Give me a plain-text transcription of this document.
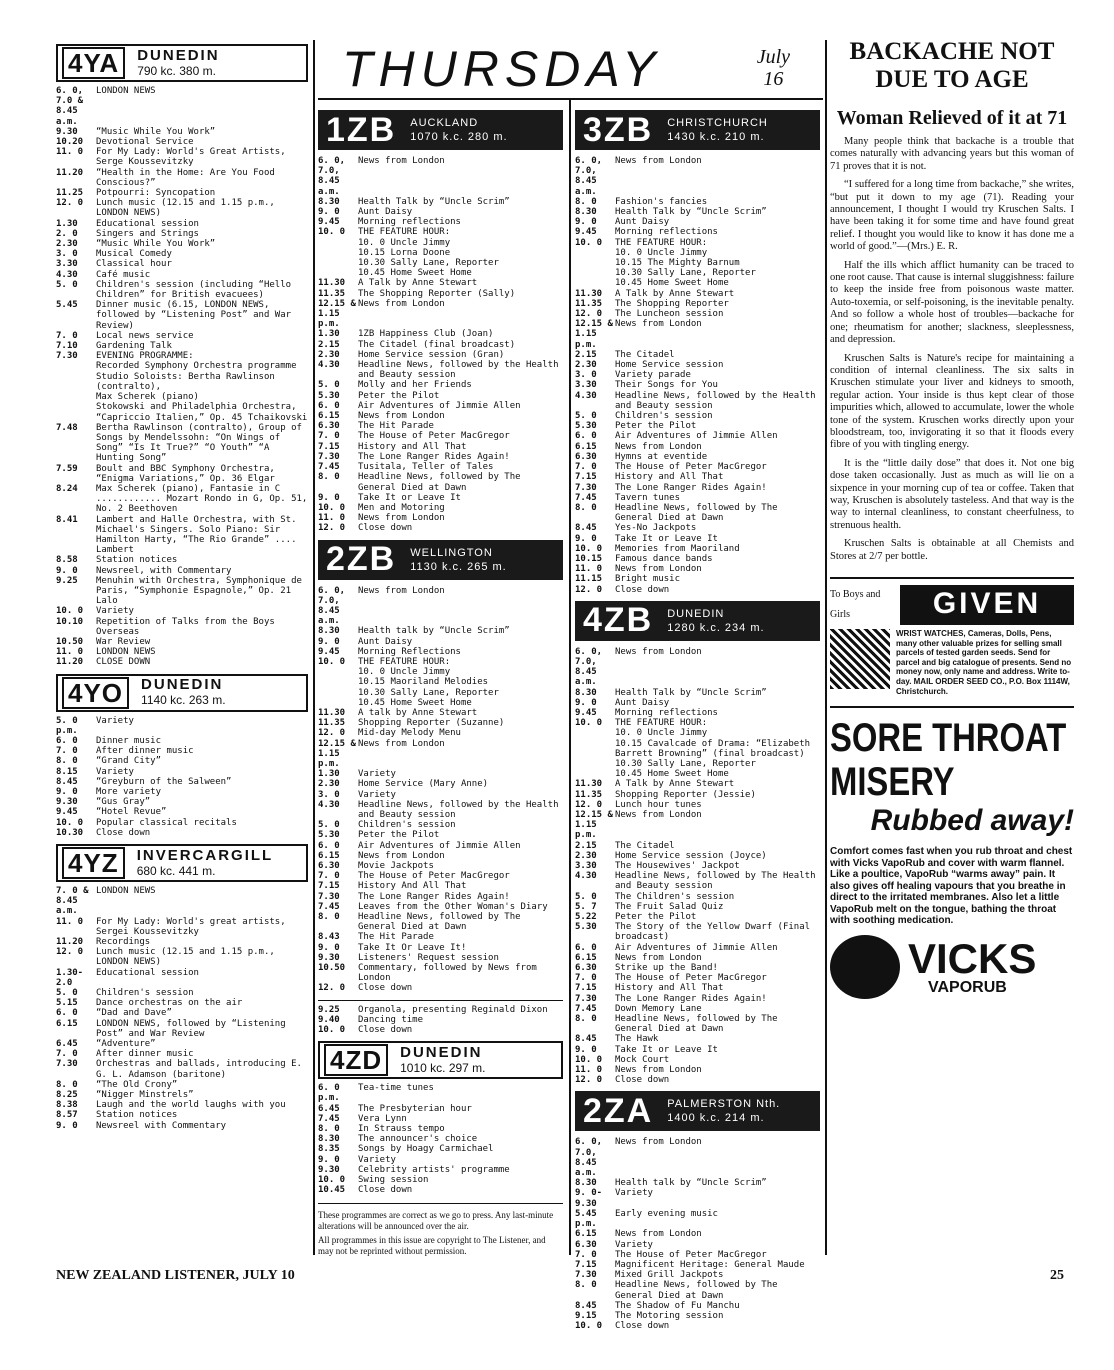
THURSDAY	July
16
4YA	DUNEDIN
790 kc. 380 m.
6. 0, 7.0 & 8.45 a.m.
LONDON NEWS
9.30	“Music While You Work”
10.20	Devotional Service
11. 0	For My Lady: World's Great Artists, Serge Koussevitzky
11.20	“Health in the Home: Are You Food Conscious?”
11.25	Potpourri: Syncopation
12. 0	Lunch music (12.15 and 1.15 p.m., LONDON NEWS)
1.30	Educational session
2. 0	Singers and Strings
2.30	“Music While You Work”
3. 0	Musical Comedy
3.30	Classical hour
4.30	Café music
5. 0	Children's session (including “Hello Children” for British evacuees)
5.45	Dinner music (6.15, LONDON NEWS, followed by “Listening Post” and War Review)
7. 0	Local news service
7.10	Gardening Talk
7.30	EVENING PROGRAMME:
Recorded Symphony Orchestra programme
Studio Soloists: Bertha Rawlinson (contralto),
Max Scherek (piano)
Stokowski and Philadelphia Orchestra, “Capriccio Italien,” Op. 45 Tchaikovski
7.48	Bertha Rawlinson (contralto), Group of Songs by Mendelssohn: “On Wings of Song” “Is It True?” “O Youth” “A Hunting Song”
7.59	Boult and BBC Symphony Orchestra, “Enigma Variations,” Op. 36 Elgar
8.24	Max Scherek (piano), Fantasie in C ............ Mozart Rondo in G, Op. 51, No. 2 Beethoven
8.41	Lambert and Halle Orchestra, with St. Michael's Singers. Solo Piano: Sir Hamilton Harty, “The Rio Grande” .... Lambert
8.58	Station notices
9. 0	Newsreel, with Commentary
9.25	Menuhin with Orchestra, Symphonique de Paris, “Symphonie Espagnole,” Op. 21 Lalo
10. 0	Variety
10.10	Repetition of Talks from the Boys Overseas
10.50	War Review
11. 0	LONDON NEWS
11.20	CLOSE DOWN
4YO	DUNEDIN
1140 kc. 263 m.
5. 0 p.m.
Variety
6. 0	Dinner music
7. 0	After dinner music
8. 0	“Grand City”
8.15	Variety
8.45	“Greyburn of the Salween”
9. 0	More variety
9.30	“Gus Gray”
9.45	“Hotel Revue”
10. 0	Popular classical recitals
10.30	Close down
4YZ	INVERCARGILL
680 kc. 441 m.
7. 0 & 8.45 a.m.
LONDON NEWS
11. 0	For My Lady: World's great artists, Sergei Koussevitzky
11.20	Recordings
12. 0	Lunch music (12.15 and 1.15 p.m., LONDON NEWS)
1.30-2.0
Educational session
5. 0	Children's session
5.15	Dance orchestras on the air
6. 0	“Dad and Dave”
6.15	LONDON NEWS, followed by “Listening Post” and War Review
6.45	“Adventure”
7. 0	After dinner music
7.30	Orchestras and ballads, introducing E. G. L. Adamson (baritone)
8. 0	“The Old Crony”
8.25	“Nigger Minstrels”
8.38	Laugh and the world laughs with you
8.57	Station notices
9. 0	Newsreel with Commentary
1ZB AUCKLAND
1070 k.c. 280 m.
6. 0, 7.0, 8.45 a.m.
News from London
8.30	Health Talk by “Uncle Scrim”
9. 0	Aunt Daisy
9.45	Morning reflections
10. 0	THE FEATURE HOUR:
10. 0 Uncle Jimmy
10.15 Lorna Doone
10.30 Sally Lane, Reporter
10.45 Home Sweet Home
11.30	A Talk by Anne Stewart
11.35	The Shopping Reporter (Sally)
12.15 & 1.15 p.m.
News from London
1.30	1ZB Happiness Club (Joan)
2.15	The Citadel (final broadcast)
2.30	Home Service session (Gran)
4.30	Headline News, followed by the Health and Beauty session
5. 0	Molly and her Friends
5.30	Peter the Pilot
6. 0	Air Adventures of Jimmie Allen
6.15	News from London
6.30	The Hit Parade
7. 0	The House of Peter MacGregor
7.15	History and All That
7.30	The Lone Ranger Rides Again!
7.45	Tusitala, Teller of Tales
8. 0	Headline News, followed by The General Died at Dawn
9. 0	Take It or Leave It
10. 0	Men and Motoring
11. 0	News from London
12. 0	Close down
2ZB WELLINGTON
1130 k.c. 265 m.
6. 0, 7.0, 8.45 a.m.
News from London
8.30	Health talk by “Uncle Scrim”
9. 0	Aunt Daisy
9.45	Morning Reflections
10. 0	THE FEATURE HOUR:
10. 0 Uncle Jimmy
10.15 Maoriland Melodies
10.30 Sally Lane, Reporter
10.45 Home Sweet Home
11.30	A talk by Anne Stewart
11.35	Shopping Reporter (Suzanne)
12. 0	Mid-day Melody Menu
12.15 & 1.15 p.m.
News from London
1.30	Variety
2.30	Home Service (Mary Anne)
3. 0	Variety
4.30	Headline News, followed by the Health and Beauty session
5. 0	Children's session
5.30	Peter the Pilot
6. 0	Air Adventures of Jimmie Allen
6.15	News from London
6.30	Movie Jackpots
7. 0	The House of Peter MacGregor
7.15	History And All That
7.30	The Lone Ranger Rides Again!
7.45	Leaves from the Other Woman's Diary
8. 0	Headline News, followed by The General Died at Dawn
8.43	The Hit Parade
9. 0	Take It Or Leave It!
9.30	Listeners' Request session
10.50	Commentary, followed by News from London
12. 0	Close down
9.25	Organola, presenting Reginald Dixon
9.40	Dancing time
10. 0	Close down
4ZD	DUNEDIN
1010 kc. 297 m.
6. 0 p.m.
Tea-time tunes
6.45	The Presbyterian hour
7.45	Vera Lynn
8. 0	In Strauss tempo
8.30	The announcer's choice
8.35	Songs by Hoagy Carmichael
9. 0	Variety
9.30	Celebrity artists' programme
10. 0	Swing session
10.45	Close down
These programmes are correct as we go to press. Any last-minute alterations will be announced over the air.
All programmes in this issue are copyright to The Listener, and may not be reprinted without permission.
3ZB CHRISTCHURCH
1430 k.c. 210 m.
6. 0, 7.0, 8.45 a.m.
News from London
8. 0	Fashion's fancies
8.30	Health Talk by “Uncle Scrim”
9. 0	Aunt Daisy
9.45	Morning reflections
10. 0	THE FEATURE HOUR:
10. 0 Uncle Jimmy
10.15 The Mighty Barnum
10.30 Sally Lane, Reporter
10.45 Home Sweet Home
11.30	A Talk by Anne Stewart
11.35	The Shopping Reporter
12. 0	The Luncheon session
12.15 & 1.15 p.m.
News from London
2.15	The Citadel
2.30	Home Service session
3. 0	Variety parade
3.30	Their Songs for You
4.30	Headline News, followed by the Health and Beauty session
5. 0	Children's session
5.30	Peter the Pilot
6. 0	Air Adventures of Jimmie Allen
6.15	News from London
6.30	Hymns at eventide
7. 0	The House of Peter MacGregor
7.15	History and All That
7.30	The Lone Ranger Rides Again!
7.45	Tavern tunes
8. 0	Headline News, followed by The General Died at Dawn
8.45	Yes-No Jackpots
9. 0	Take It or Leave It
10. 0	Memories from Maoriland
10.15	Famous dance bands
11. 0	News from London
11.15	Bright music
12. 0	Close down
4ZB DUNEDIN
1280 k.c. 234 m.
6. 0, 7.0, 8.45 a.m.
News from London
8.30	Health Talk by “Uncle Scrim”
9. 0	Aunt Daisy
9.45	Morning reflections
10. 0	THE FEATURE HOUR:
10. 0 Uncle Jimmy
10.15 Cavalcade of Drama: “Elizabeth Barrett Browning” (final broadcast)
10.30 Sally Lane, Reporter
10.45 Home Sweet Home
11.30	A Talk by Anne Stewart
11.35	Shopping Reporter (Jessie)
12. 0	Lunch hour tunes
12.15 & 1.15 p.m.
News from London
2.15	The Citadel
2.30	Home Service session (Joyce)
3.30	The Housewives' Jackpot
4.30	Headline News, followed by The Health and Beauty session
5. 0	The Children's session
5. 7	The Fruit Salad Quiz
5.22	Peter the Pilot
5.30	The Story of the Yellow Dwarf (Final broadcast)
6. 0	Air Adventures of Jimmie Allen
6.15	News from London
6.30	Strike up the Band!
7. 0	The House of Peter MacGregor
7.15	History and All That
7.30	The Lone Ranger Rides Again!
7.45	Down Memory Lane
8. 0	Headline News, followed by The General Died at Dawn
8.45	The Hawk
9. 0	Take It or Leave It
10. 0	Mock Court
11. 0	News from London
12. 0	Close down
2ZA PALMERSTON Nth.
1400 k.c. 214 m.
6. 0, 7.0, 8.45 a.m.
News from London
8.30	Health talk by “Uncle Scrim”
9. 0-9.30
Variety
5.45 p.m.
Early evening music
6.15	News from London
6.30	Variety
7. 0	The House of Peter MacGregor
7.15	Magnificent Heritage: General Maude
7.30	Mixed Grill Jackpots
8. 0	Headline News, followed by The General Died at Dawn
8.45	The Shadow of Fu Manchu
9.15	The Motoring session
10. 0	Close down
BACKACHE NOT DUE TO AGE
Woman Relieved of it at 71

Many people think that backache is a trouble that comes naturally with advancing years but this woman of 71 proves that it is not.

“I suffered for a long time from backache,” she writes, “but put it down to my age (71). Reading your announcement, I thought I would try Kruschen Salts. I have been taking it for some time and have found great relief. I thought you would like to know it has done me a world of good.”—(Mrs.) E. R.

Half the ills which afflict humanity can be traced to one root cause. That cause is internal sluggishness: failure to keep the inside free from poisonous waste matter. Auto-toxemia, or self-poisoning, is the inevitable penalty. And so follow a whole host of troubles—backache for one; rheumatism for another; slackness, sleeplessness, and depression.

Kruschen Salts is Nature's recipe for maintaining a condition of internal cleanliness. The six salts in Kruschen stimulate your liver and kidneys to smooth, regular action. Your inside is thus kept clear of those impurities which, allowed to accumulate, lower the whole tone of the system. Kruschen works directly upon your bloodstream, too, invigorating it so that it floods every fibre of you with tingling energy.

It is the “little daily dose” that does it. Not one big dose taken occasionally. Just as much as will lie on a sixpence in your morning cup of tea or coffee. Taken that way, Kruschen is absolutely tasteless. And that way is the way to internal cleanliness, to constant cheerfulness, to strenuous health.

Kruschen Salts is obtainable at all Chemists and Stores at 2/7 per bottle.

To Boys and Girls	GIVEN
WRIST WATCHES, Cameras, Dolls, Pens, many other valuable prizes for selling small parcels of tested garden seeds. Send for parcel and big catalogue of presents. Send no money now, only name and address. Write to-day. MAIL ORDER SEED CO., P.O. Box 1114W, Christchurch.
SORE THROAT
MISERY
Rubbed away!
Comfort comes fast when you rub throat and chest with Vicks VapoRub and cover with warm flannel. Like a poultice, VapoRub “warms away” pain. It also gives off healing vapours that you breathe in direct to the irritated membranes. Also let a little VapoRub melt on the tongue, bathing the throat with soothing medication.
VICKS
VAPORUB
NEW ZEALAND LISTENER, JULY 10	25
